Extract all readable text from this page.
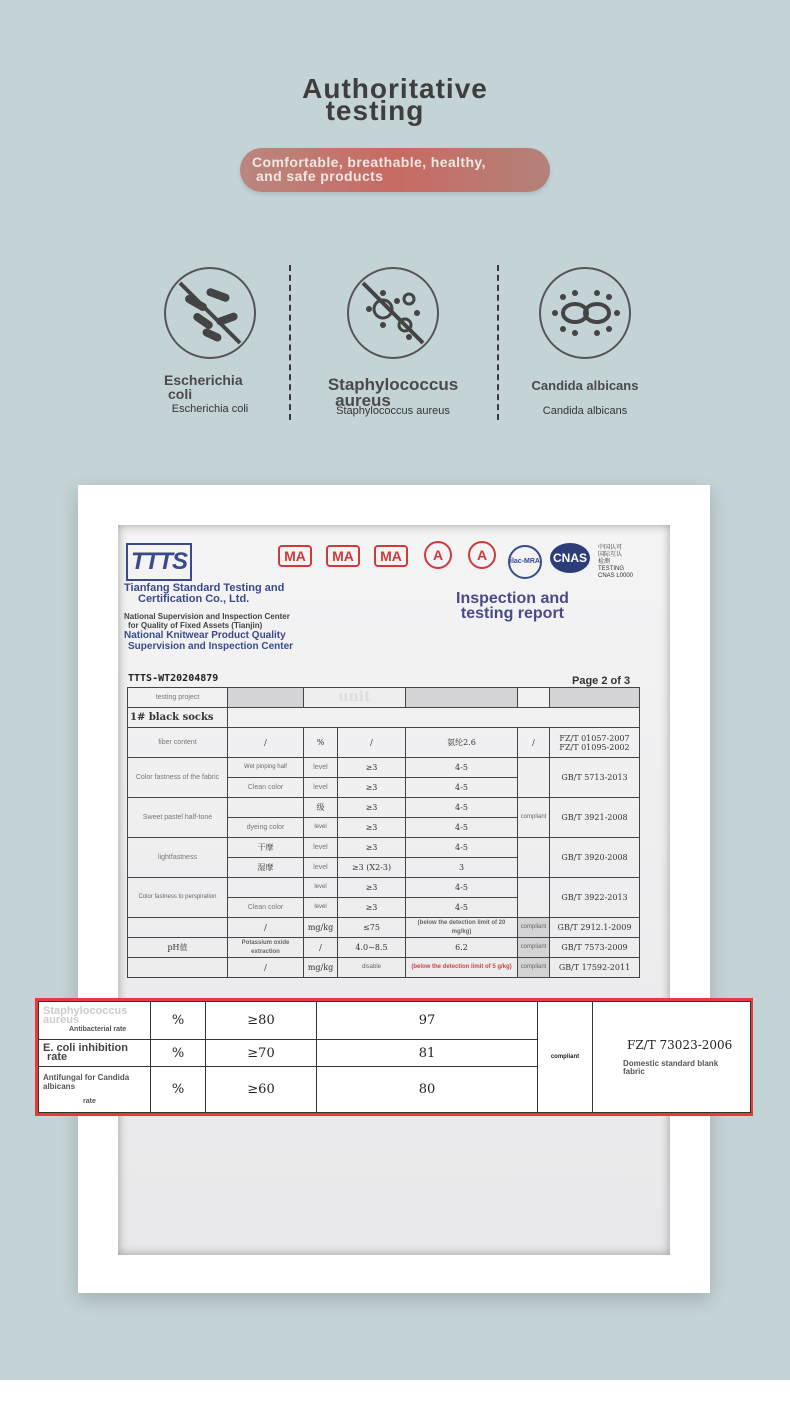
Authoritative
testing
Comfortable, breathable, healthy,
and safe products
Escherichia
coli
Escherichia coli
Staphylococcus
aureus
Staphylococcus aureus
Candida albicans
Candida albicans
TTTS	MA	MA	MA	A	A	ilac-MRA CNAS
中国认可
国际互认
检测
TESTING
CNAS L0000
Tianfang Standard Testing and
Certification Co., Ltd.
National Supervision and Inspection Center
for Quality of Fixed Assets (Tianjin)
National Knitwear Product Quality
Supervision and Inspection Center
Inspection and
testing report
TTTS-WT20204879	Page 2 of 3
testing project		unit				
1# black socks						
fiber content	/	%	/	氨纶2.6	/	FZ/T 01057-2007
FZ/T 01095-2002

Color fastness of the fabric	Wet pinping half	level	≥3	4-5		GB/T 5713-2013
	Clean color	level	≥3	4-5		
Sweet pastel half-tone		级	≥3	4-5	compliant	GB/T 3921-2008
	dyeing color	level	≥3	4-5		
lightfastness	干摩	level	≥3	4-5		GB/T 3920-2008
	湿摩	level	≥3 (X2-3)	3		
Color fastness to perspiration		level	≥3	4-5		GB/T 3922-2013
	Clean color	level	≥3	4-5		
	/	mg/kg	≤75	(below the detection limit of 20 mg/kg)	compliant	GB/T 2912.1-2009
pH值	Potassium oxide extraction	/	4.0~8.5	6.2	compliant	GB/T 7573-2009
	/	mg/kg	disable	(below the detection limit of 5 g/kg)	compliant	GB/T 17592-2011
Staphylococcus aureus
Antibacterial rate	%	≥80	97	compliant	FZ/T 73023-2006
Domestic standard blank fabric

E. coli inhibition
rate	%	≥70	81		

Antifungal for Candida albicans
rate	%	≥60	80		
